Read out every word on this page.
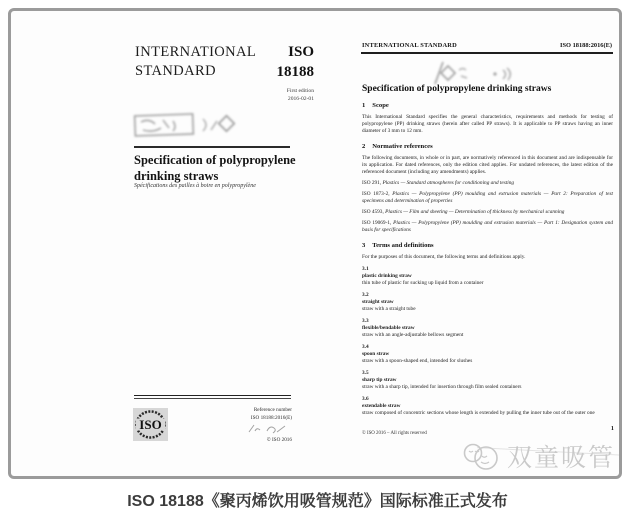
INTERNATIONAL
STANDARD
ISO
18188
First edition
2016-02-01
Specification of polypropylene drinking straws
Spécifications des pailles à boire en polypropylène
ISO
Reference number
ISO 18188:2016(E)
© ISO 2016
INTERNATIONAL STANDARD	ISO 18188:2016(E)
Specification of polypropylene drinking straws
1 Scope

This International Standard specifies the general characteristics, requirements and methods for testing of polypropylene (PP) drinking straws (herein after called PP straws). It is applicable to PP straws having an inner diameter of 3 mm to 12 mm.

2 Normative references

The following documents, in whole or in part, are normatively referenced in this document and are indispensable for its application. For dated references, only the edition cited applies. For undated references, the latest edition of the referenced document (including any amendments) applies.

ISO 291, Plastics — Standard atmospheres for conditioning and testing

ISO 1873-2, Plastics — Polypropylene (PP) moulding and extrusion materials — Part 2: Preparation of test specimens and determination of properties

ISO 4593, Plastics — Film and sheeting — Determination of thickness by mechanical scanning

ISO 19069-1, Plastics — Polypropylene (PP) moulding and extrusion materials — Part 1: Designation system and basis for specifications

3 Terms and definitions

For the purposes of this document, the following terms and definitions apply.

3.1
plastic drinking straw
thin tube of plastic for sucking up liquid from a container
3.2
straight straw
straw with a straight tube
3.3
flexible/bendable straw
straw with an angle-adjustable bellows segment
3.4
spoon straw
straw with a spoon-shaped end, intended for slushes
3.5
sharp tip straw
straw with a sharp tip, intended for insertion through film sealed containers
3.6
extendable straw
straw composed of concentric sections whose length is extended by pulling the inner tube out of the outer one
© ISO 2016 – All rights reserved
1
双童吸管
ISO 18188《聚丙烯饮用吸管规范》国际标准正式发布
